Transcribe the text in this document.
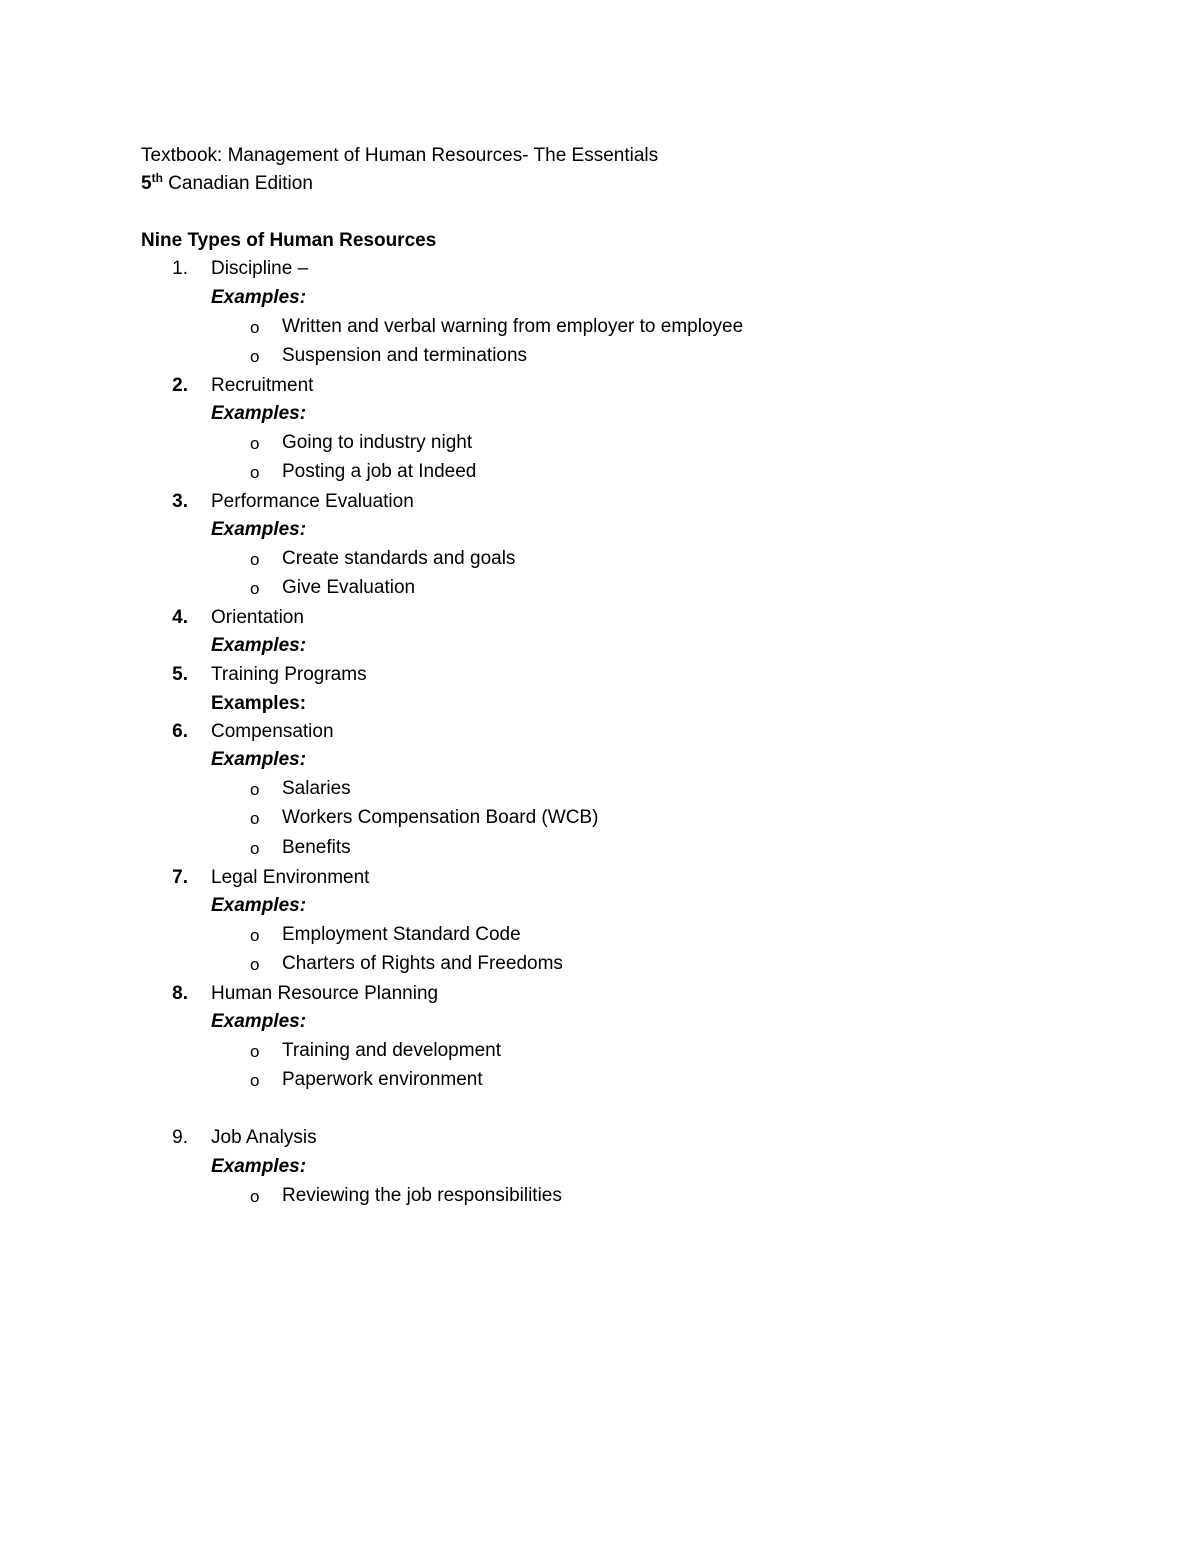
Textbook: Management of Human Resources- The Essentials
5th Canadian Edition
Nine Types of Human Resources
1. Discipline –
Examples:
o Written and verbal warning from employer to employee
o Suspension and terminations
2. Recruitment
Examples:
o Going to industry night
o Posting a job at Indeed
3. Performance Evaluation
Examples:
o Create standards and goals
o Give Evaluation
4. Orientation
Examples:
5. Training Programs
Examples:
6. Compensation
Examples:
o Salaries
o Workers Compensation Board (WCB)
o Benefits
7. Legal Environment
Examples:
o Employment Standard Code
o Charters of Rights and Freedoms
8. Human Resource Planning
Examples:
o Training and development
o Paperwork environment
9. Job Analysis
Examples:
o Reviewing the job responsibilities
